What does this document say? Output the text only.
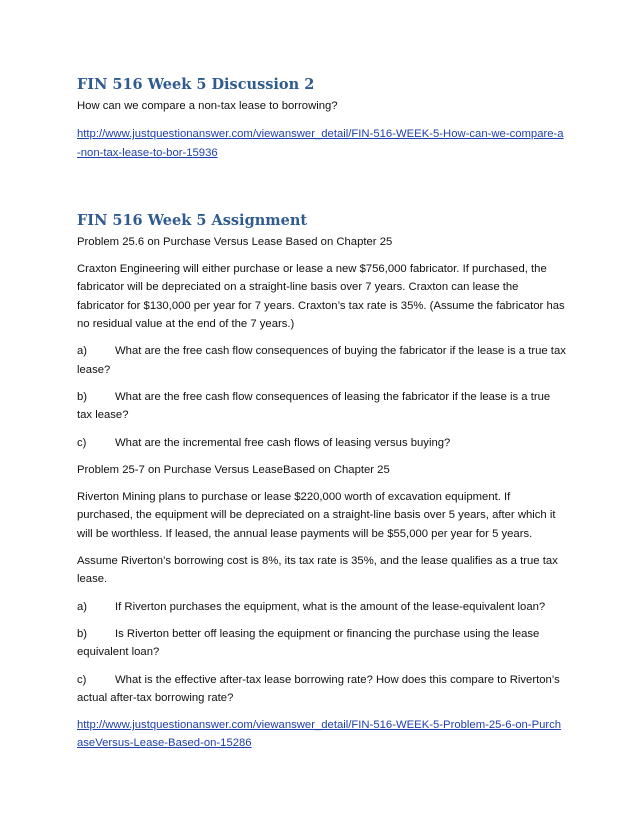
FIN 516 Week 5 Discussion 2

How can we compare a non-tax lease to borrowing?

http://www.justquestionanswer.com/viewanswer_detail/FIN-516-WEEK-5-How-can-we-compare-a-non-tax-lease-to-bor-15936

FIN 516 Week 5 Assignment

Problem 25.6 on Purchase Versus Lease Based on Chapter 25

Craxton Engineering will either purchase or lease a new $756,000 fabricator. If purchased, the fabricator will be depreciated on a straight-line basis over 7 years. Craxton can lease the fabricator for $130,000 per year for 7 years. Craxton’s tax rate is 35%. (Assume the fabricator has no residual value at the end of the 7 years.)

a) What are the free cash flow consequences of buying the fabricator if the lease is a true tax lease?
b) What are the free cash flow consequences of leasing the fabricator if the lease is a true tax lease?
c)	What are the incremental free cash flows of leasing versus buying?

Problem 25-7 on Purchase Versus LeaseBased on Chapter 25

Riverton Mining plans to purchase or lease $220,000 worth of excavation equipment. If purchased, the equipment will be depreciated on a straight-line basis over 5 years, after which it will be worthless. If leased, the annual lease payments will be $55,000 per year for 5 years.

Assume Riverton’s borrowing cost is 8%, its tax rate is 35%, and the lease qualifies as a true tax lease.

a) If Riverton purchases the equipment, what is the amount of the lease-equivalent loan?
b) Is Riverton better off leasing the equipment or financing the purchase using the lease equivalent loan?
c)	What is the effective after-tax lease borrowing rate? How does this compare to Riverton’s actual after-tax borrowing rate?

http://www.justquestionanswer.com/viewanswer_detail/FIN-516-WEEK-5-Problem-25-6-on-PurchaseVersus-Lease-Based-on-15286
